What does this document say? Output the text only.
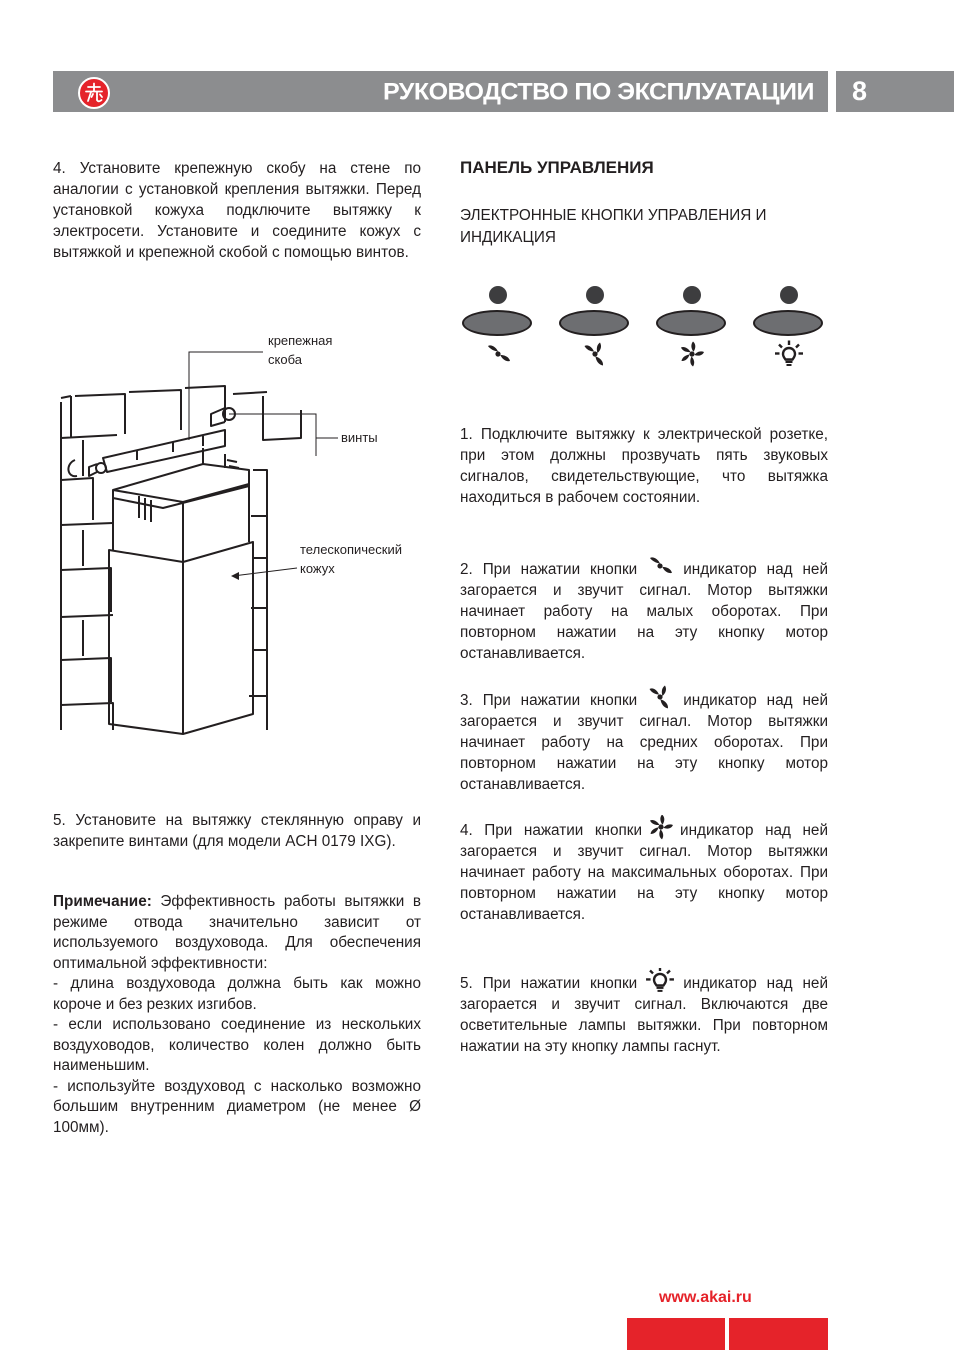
РУКОВОДСТВО ПО ЭКСПЛУАТАЦИИ 8
4. Установите крепежную скобу на стене по аналогии с установкой крепления вытяжки. Перед установкой кожуха подключите вытяжку к электросети. Установите и соедините кожух с вытяжкой и крепежной скобой с помощью винтов.
крепежная
скоба
винты
телескопический
кожух
5. Установите на вытяжку стеклянную оправу и закрепите винтами (для модели ACH 0179 IXG).
Примечание: Эффективность работы вытяжки в режиме отвода значительно зависит от используемого воздуховода. Для обеспечения оптимальной эффективности:
- длина воздуховода должна быть как можно короче и без резких изгибов.
- если использовано соединение из нескольких воздуховодов, количество колен должно быть наименьшим.
- используйте воздуховод с насколько возможно большим внутренним диаметром (не менее Ø 100мм).
ПАНЕЛЬ УПРАВЛЕНИЯ
ЭЛЕКТРОННЫЕ КНОПКИ УПРАВЛЕНИЯ И ИНДИКАЦИЯ
1. Подключите вытяжку к электрической розетке, при этом должны прозвучать пять звуковых сигналов, свидетельствующие, что вытяжка находиться в рабочем состоянии.
2. При нажатии кнопки	индикатор над ней загорается и звучит сигнал. Мотор вытяжки начинает работу на малых оборотах. При повторном нажатии на эту кнопку мотор останавливается.
3. При нажатии кнопки	индикатор над ней загорается и звучит сигнал. Мотор вытяжки начинает работу на средних оборотах. При повторном нажатии на эту кнопку мотор останавливается.
4. При нажатии кнопки индикатор над ней загорается и звучит сигнал. Мотор вытяжки начинает работу на максимальных оборотах. При повторном нажатии на эту кнопку мотор останавливается.
5. При нажатии кнопки	индикатор над ней загорается и звучит сигнал. Включаются две осветительные лампы вытяжки. При повторном нажатии на эту кнопку лампы гаснут.
www.akai.ru
